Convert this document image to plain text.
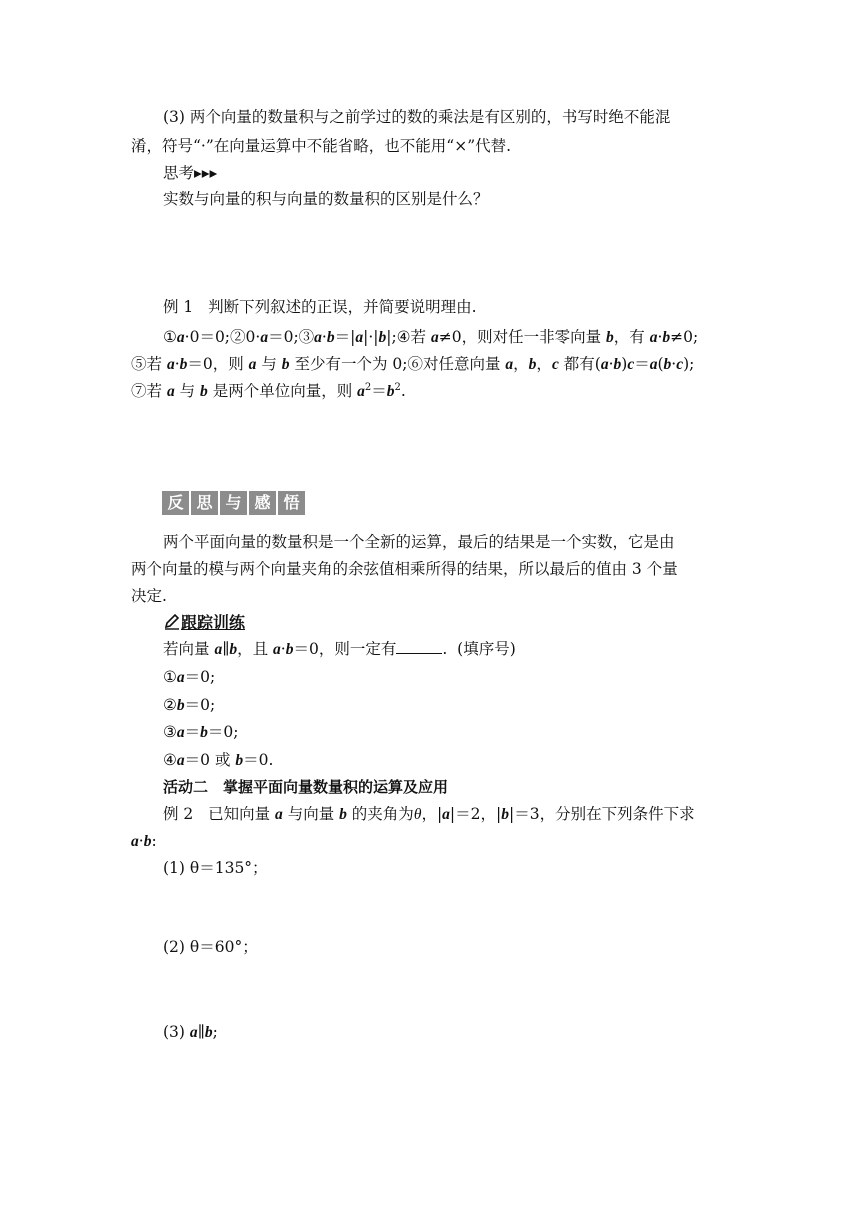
(3) 两个向量的数量积与之前学过的数的乘法是有区别的，书写时绝不能混
淆，符号“·”在向量运算中不能省略，也不能用“×”代替.
思考▸▸▸
实数与向量的积与向量的数量积的区别是什么？
例 1 判断下列叙述的正误，并简要说明理由.
①a·0＝0;②0·a＝0;③a·b＝|a|·|b|;④若 a≠0，则对任一非零向量 b，有 a·b≠0;
⑤若 a·b＝0，则 a 与 b 至少有一个为 0;⑥对任意向量 a，b，c 都有(a·b)c＝a(b·c);
⑦若 a 与 b 是两个单位向量，则 $a^2=b^2$.
反 思 与 感 悟
两个平面向量的数量积是一个全新的运算，最后的结果是一个实数，它是由
两个向量的模与两个向量夹角的余弦值相乘所得的结果，所以最后的值由 3 个量
决定.
跟踪训练
若向量 a∥b，且 a·b＝0，则一定有	.  (填序号)
①a＝0;
②b＝0;
③a＝b＝0;
④a＝0 或 b＝0.
活动二　掌握平面向量数量积的运算及应用
例 2   已知向量 a 与向量 b 的夹角为θ，|a|＝2，|b|＝3，分别在下列条件下求
a·b:
(1) θ＝135°；
(2) θ＝60°；
(3) a∥b;
